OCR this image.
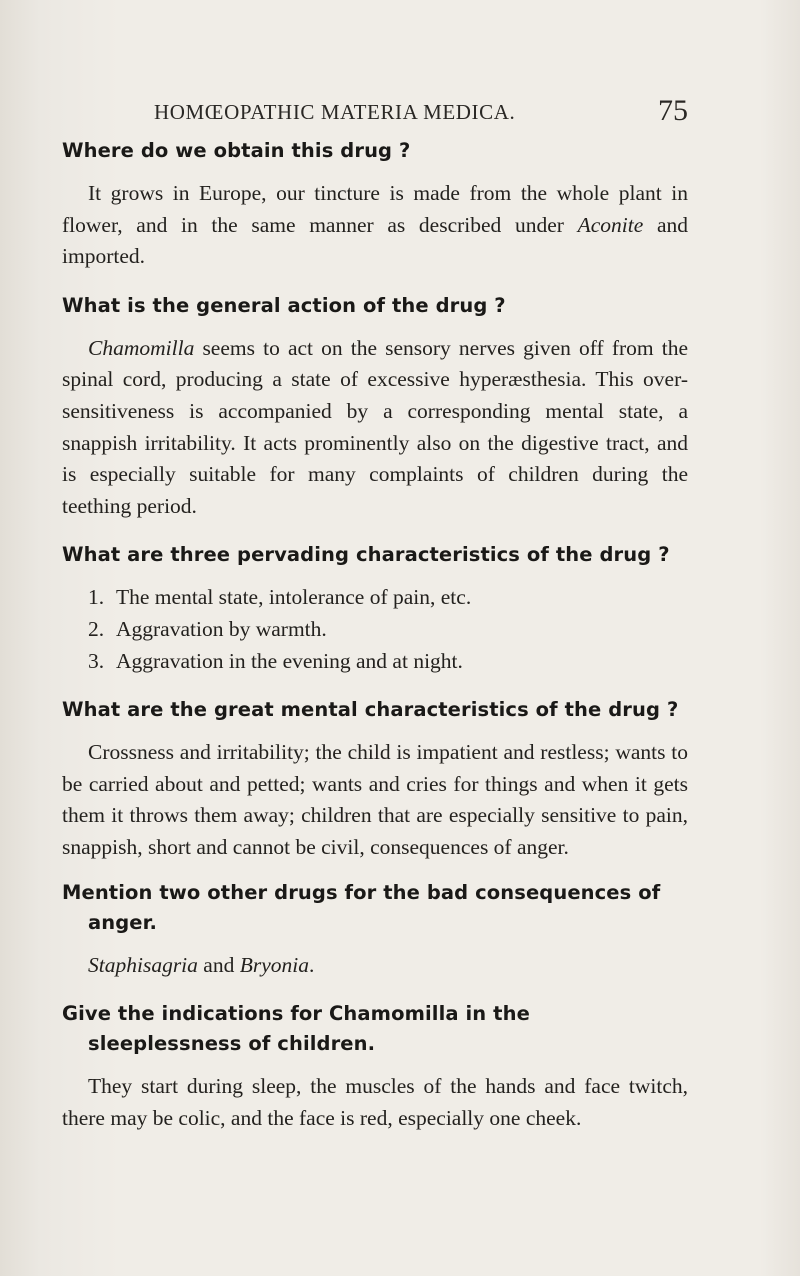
HOMŒOPATHIC MATERIA MEDICA.	75

Where do we obtain this drug ?

It grows in Europe, our tincture is made from the whole plant in flower, and in the same manner as described under Aconite and imported.

What is the general action of the drug ?

Chamomilla seems to act on the sensory nerves given off from the spinal cord, producing a state of excessive hyperæsthesia. This over-sensitiveness is accompanied by a corresponding mental state, a snappish irritability. It acts prominently also on the digestive tract, and is especially suitable for many complaints of children during the teething period.

What are three pervading characteristics of the drug ?

1. The mental state, intolerance of pain, etc.

2. Aggravation by warmth.

3. Aggravation in the evening and at night.

What are the great mental characteristics of the drug ?

Crossness and irritability; the child is impatient and restless; wants to be carried about and petted; wants and cries for things and when it gets them it throws them away; children that are especially sensitive to pain, snappish, short and cannot be civil, consequences of anger.

Mention two other drugs for the bad consequences of anger.

Staphisagria and Bryonia.

Give the indications for Chamomilla in the sleeplessness of children.

They start during sleep, the muscles of the hands and face twitch, there may be colic, and the face is red, especially one cheek.
